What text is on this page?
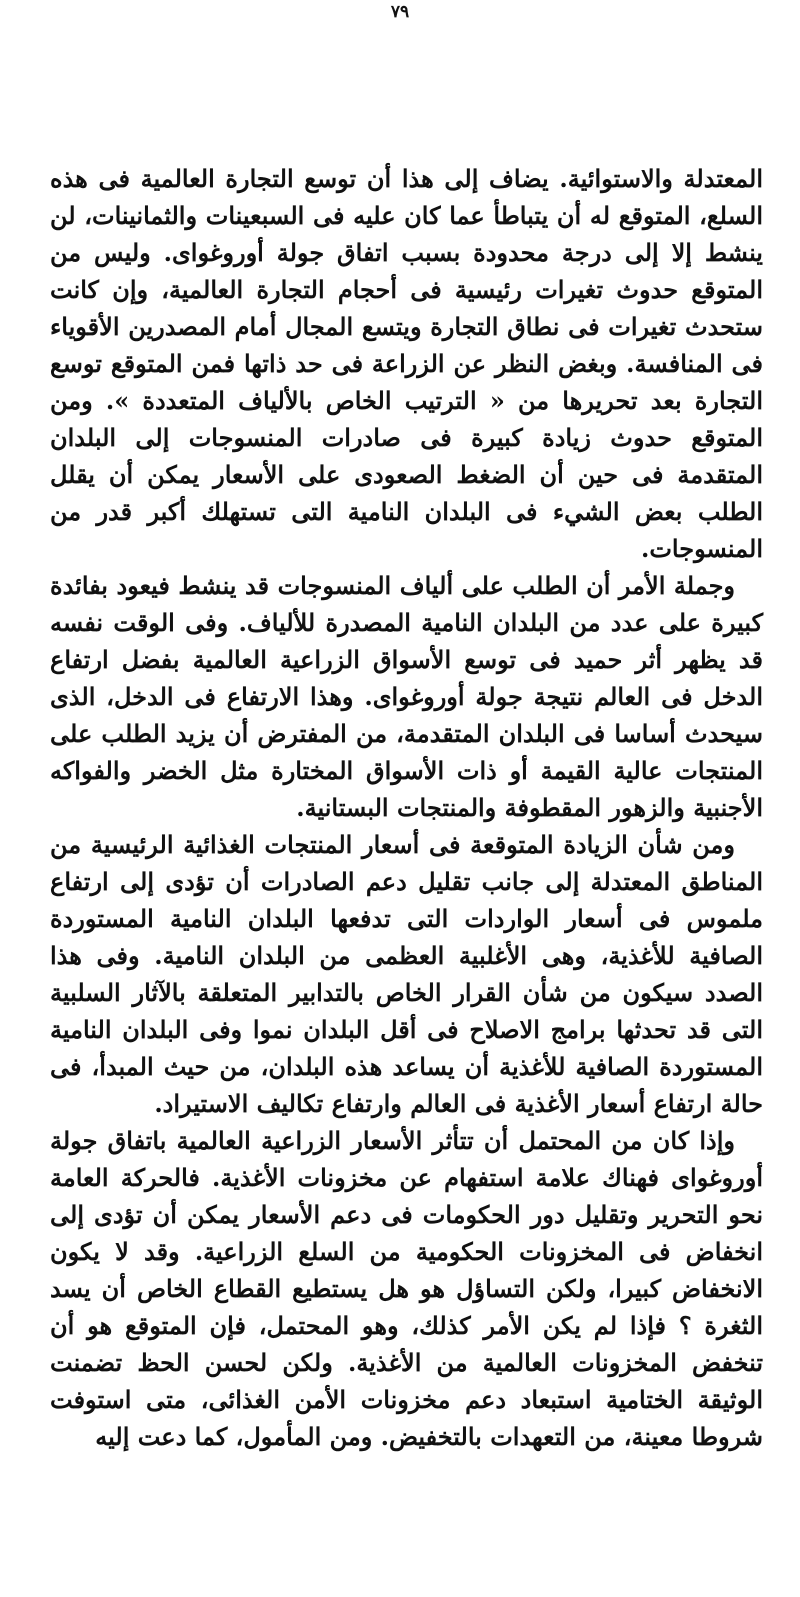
٧٩

المعتدلة والاستوائية. يضاف إلى هذا أن توسع التجارة العالمية فى هذه السلع، المتوقع له أن يتباطأ عما كان عليه فى السبعينات والثمانينات، لن ينشط إلا إلى درجة محدودة بسبب اتفاق جولة أوروغواى. وليس من المتوقع حدوث تغيرات رئيسية فى أحجام التجارة العالمية، وإن كانت ستحدث تغيرات فى نطاق التجارة ويتسع المجال أمام المصدرين الأقوياء فى المنافسة. وبغض النظر عن الزراعة فى حد ذاتها فمن المتوقع توسع التجارة بعد تحريرها من « الترتيب الخاص بالألياف المتعددة ». ومن المتوقع حدوث زيادة كبيرة فى صادرات المنسوجات إلى البلدان المتقدمة فى حين أن الضغط الصعودى على الأسعار يمكن أن يقلل الطلب بعض الشيء فى البلدان النامية التى تستهلك أكبر قدر من المنسوجات.

وجملة الأمر أن الطلب على ألياف المنسوجات قد ينشط فيعود بفائدة كبيرة على عدد من البلدان النامية المصدرة للألياف. وفى الوقت نفسه قد يظهر أثر حميد فى توسع الأسواق الزراعية العالمية بفضل ارتفاع الدخل فى العالم نتيجة جولة أوروغواى. وهذا الارتفاع فى الدخل، الذى سيحدث أساسا فى البلدان المتقدمة، من المفترض أن يزيد الطلب على المنتجات عالية القيمة أو ذات الأسواق المختارة مثل الخضر والفواكه الأجنبية والزهور المقطوفة والمنتجات البستانية.

ومن شأن الزيادة المتوقعة فى أسعار المنتجات الغذائية الرئيسية من المناطق المعتدلة إلى جانب تقليل دعم الصادرات أن تؤدى إلى ارتفاع ملموس فى أسعار الواردات التى تدفعها البلدان النامية المستوردة الصافية للأغذية، وهى الأغلبية العظمى من البلدان النامية. وفى هذا الصدد سيكون من شأن القرار الخاص بالتدابير المتعلقة بالآثار السلبية التى قد تحدثها برامج الاصلاح فى أقل البلدان نموا وفى البلدان النامية المستوردة الصافية للأغذية أن يساعد هذه البلدان، من حيث المبدأ، فى حالة ارتفاع أسعار الأغذية فى العالم وارتفاع تكاليف الاستيراد.

وإذا كان من المحتمل أن تتأثر الأسعار الزراعية العالمية باتفاق جولة أوروغواى فهناك علامة استفهام عن مخزونات الأغذية. فالحركة العامة نحو التحرير وتقليل دور الحكومات فى دعم الأسعار يمكن أن تؤدى إلى انخفاض فى المخزونات الحكومية من السلع الزراعية. وقد لا يكون الانخفاض كبيرا، ولكن التساؤل هو هل يستطيع القطاع الخاص أن يسد الثغرة ؟ فإذا لم يكن الأمر كذلك، وهو المحتمل، فإن المتوقع هو أن تنخفض المخزونات العالمية من الأغذية. ولكن لحسن الحظ تضمنت الوثيقة الختامية استبعاد دعم مخزونات الأمن الغذائى، متى استوفت شروطا معينة، من التعهدات بالتخفيض. ومن المأمول، كما دعت إليه
